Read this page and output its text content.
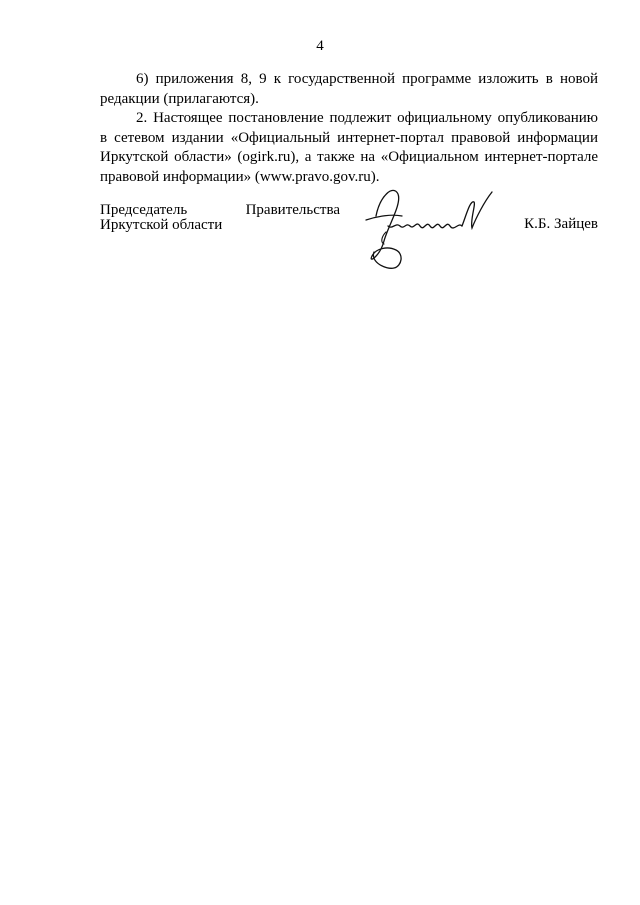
4

6) приложения 8, 9 к государственной программе изложить в новой редакции (прилагаются).

2. Настоящее постановление подлежит официальному опубликованию в сетевом издании «Официальный интернет-портал правовой информации Иркутской области» (ogirk.ru), а также на «Официальном интернет-портале правовой информации» (www.pravo.gov.ru).

Председатель	Правительства
Иркутской области	К.Б. Зайцев
